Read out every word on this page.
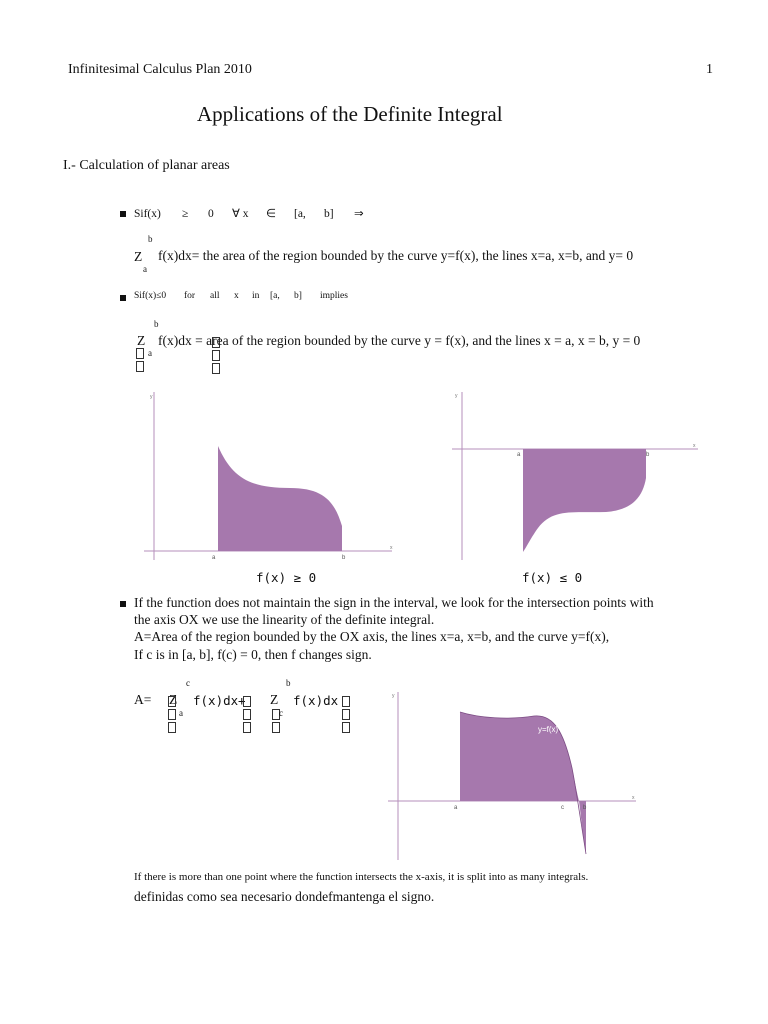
Infinitesimal Calculus Plan 2010	1
Applications of the Definite Integral
I.- Calculation of planar areas
Sif(x) ≥ 0 ∀ x ∈ [a, b] ⇒
b
Z
a
f(x)dx= the area of the region bounded by the curve y=f(x), the lines x=a, x=b, and y= 0
Sif(x)≤0 for all x in [a, b] implies
b
Z
a
f(x)dx = area of the region bounded by the curve y = f(x), and the lines x = a, x = b, y = 0
y
x
y=f(x)
a	b
f(x) ≥ 0
y
x
y=f(x)
a	b
f(x) ≤ 0
If the function does not maintain the sign in the interval, we look for the intersection points with
the axis OX we use the linearity of the definite integral.
A=Area of the region bounded by the OX axis, the lines x=a, x=b, and the curve y=f(x),
If c is in [a, b], f(c) = 0, then f changes sign.
A=
c
Z
a
f(x)dx +
b
Z
c
f(x)dx	y
x
y=f(x)
a	c	b
If there is more than one point where the function intersects the x-axis, it is split into as many integrals.
definidas como sea necesario dondefmantenga el signo.
